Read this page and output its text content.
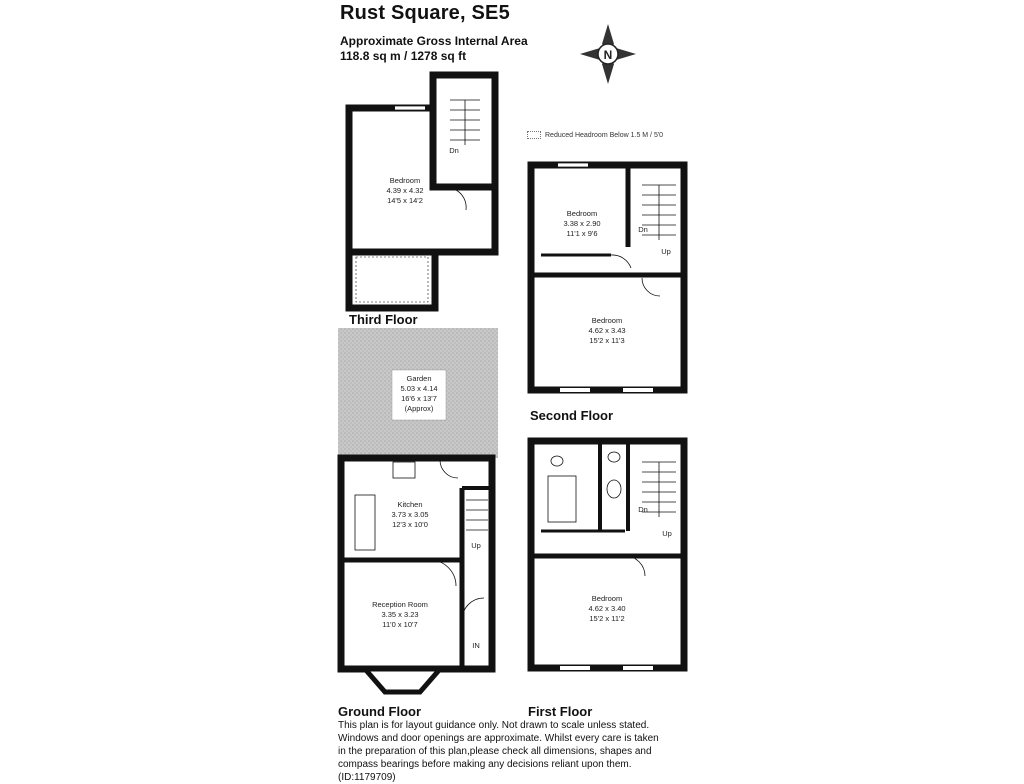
Rust Square, SE5
Approximate Gross Internal Area
118.8 sq m / 1278 sq ft
Reduced Headroom Below 1.5 M / 5'0
Third Floor
Second Floor
Ground Floor	First Floor
This plan is for layout guidance only. Not drawn to scale unless stated. Windows and door openings are approximate. Whilst every care is taken in the preparation of this plan,please check all dimensions, shapes and compass bearings before making any decisions reliant upon them.(ID:1179709)
N
Bedroom
4.39 x 4.32
14'5 x 14'2
Dn
Bedroom
3.38 x 2.90
11'1 x 9'6
Bedroom
4.62 x 3.43
15'2 x 11'3
Dn
Up
Garden
5.03 x 4.14
16'6 x 13'7
(Approx)
Kitchen
3.73 x 3.05
12'3 x 10'0
Reception Room
3.35 x 3.23
11'0 x 10'7
Up
IN
Bedroom
4.62 x 3.40
15'2 x 11'2
Dn
Up
